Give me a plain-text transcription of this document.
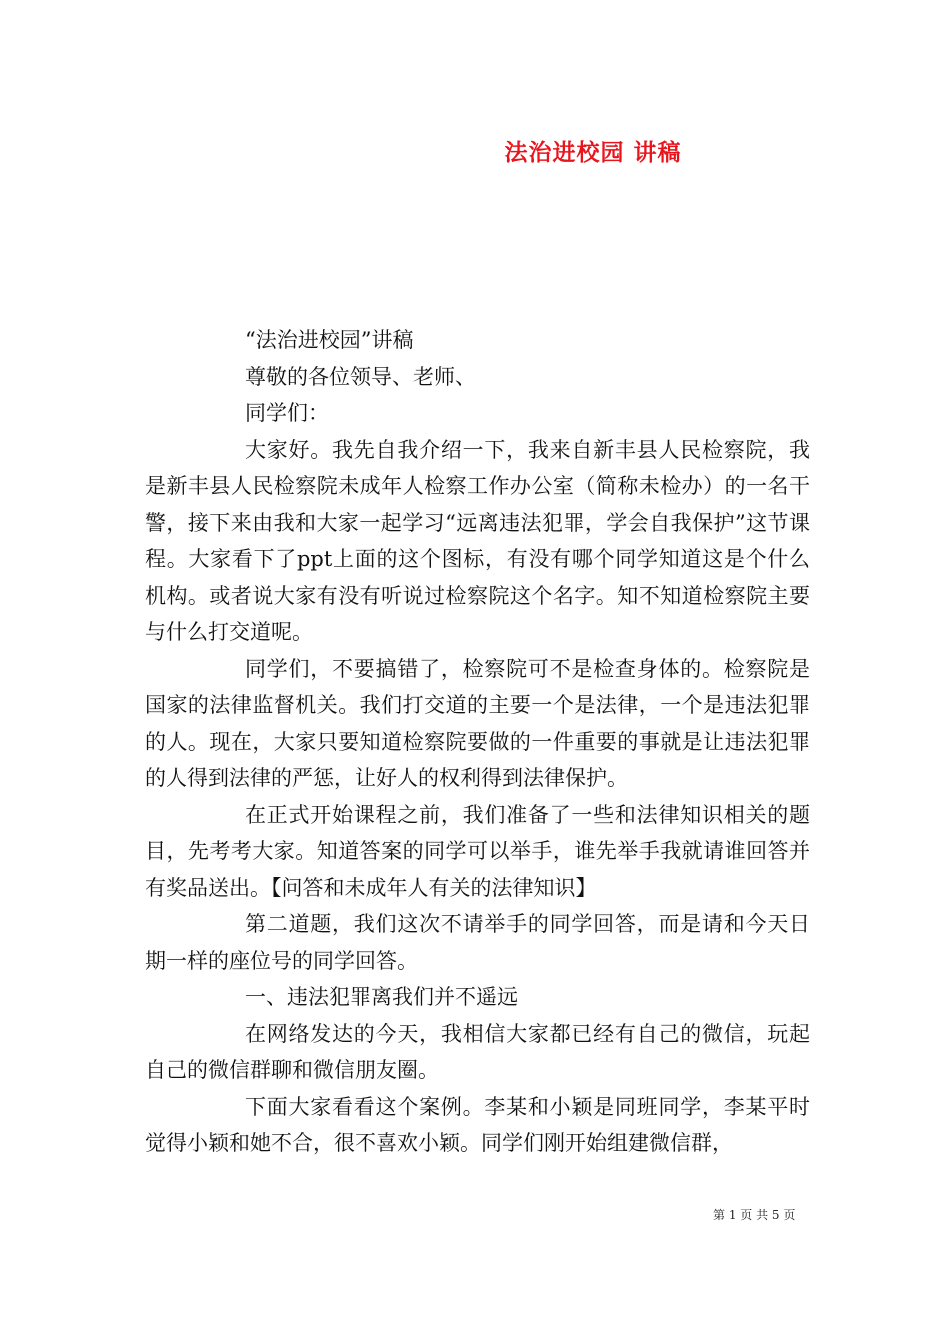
法治进校园 讲稿

“法治进校园”讲稿

尊敬的各位领导、老师、

同学们：

大家好。我先自我介绍一下，我来自新丰县人民检察院，我是新丰县人民检察院未成年人检察工作办公室（简称未检办）的一名干警，接下来由我和大家一起学习“远离违法犯罪，学会自我保护”这节课程。大家看下了ppt上面的这个图标，有没有哪个同学知道这是个什么机构。或者说大家有没有听说过检察院这个名字。知不知道检察院主要与什么打交道呢。

同学们，不要搞错了，检察院可不是检查身体的。检察院是国家的法律监督机关。我们打交道的主要一个是法律，一个是违法犯罪的人。现在，大家只要知道检察院要做的一件重要的事就是让违法犯罪的人得到法律的严惩，让好人的权利得到法律保护。

在正式开始课程之前，我们准备了一些和法律知识相关的题目，先考考大家。知道答案的同学可以举手，谁先举手我就请谁回答并有奖品送出。【问答和未成年人有关的法律知识】

第二道题，我们这次不请举手的同学回答，而是请和今天日期一样的座位号的同学回答。

一、违法犯罪离我们并不遥远

在网络发达的今天，我相信大家都已经有自己的微信，玩起自己的微信群聊和微信朋友圈。

下面大家看看这个案例。李某和小颖是同班同学，李某平时觉得小颖和她不合，很不喜欢小颖。同学们刚开始组建微信群，

第 1 页 共 5 页
